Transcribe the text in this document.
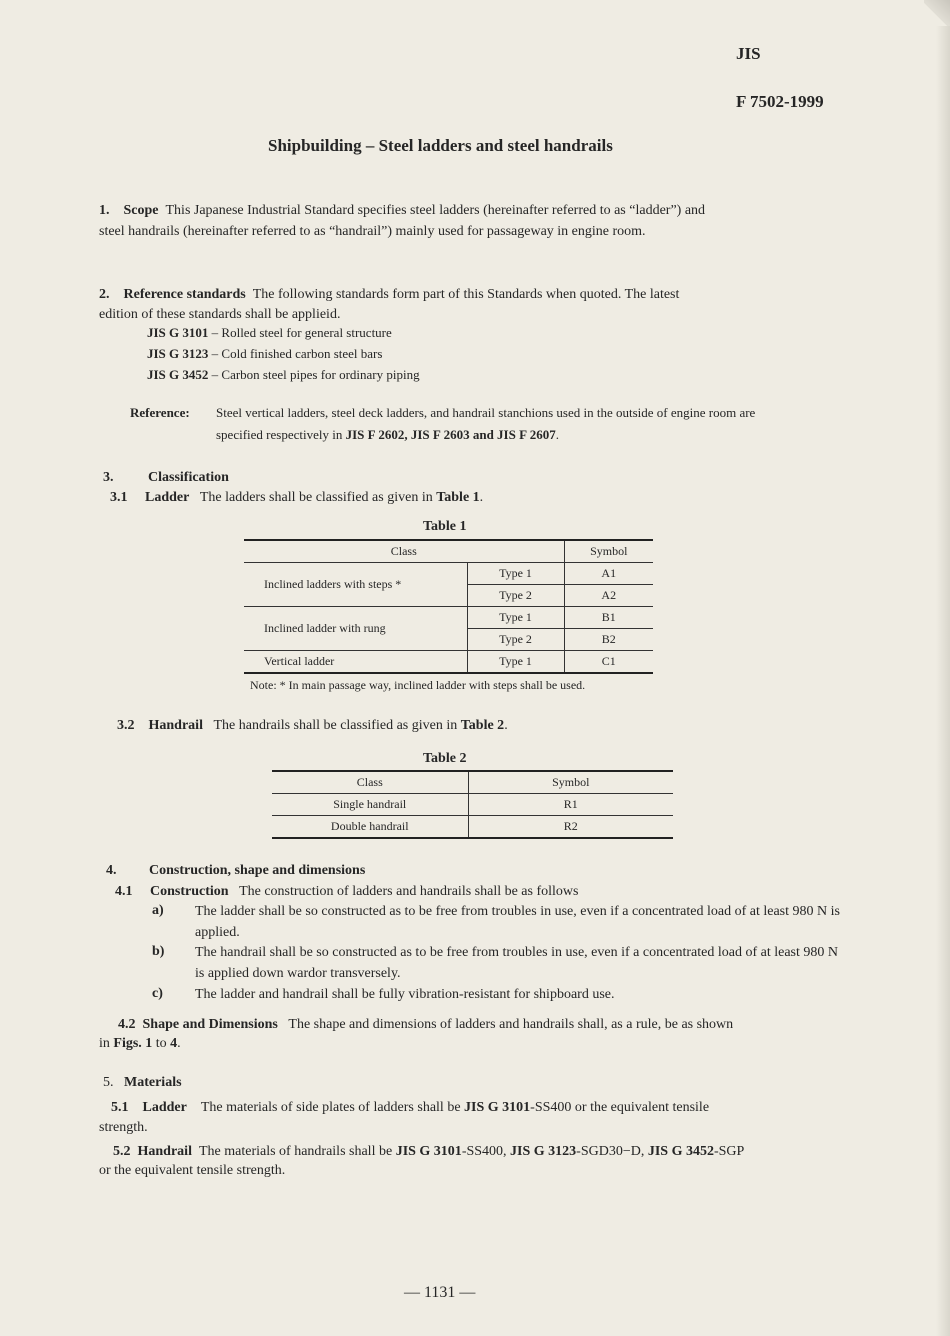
JIS
F 7502-1999
Shipbuilding – Steel ladders and steel handrails
1. Scope This Japanese Industrial Standard specifies steel ladders (hereinafter referred to as “ladder”) and
steel handrails (hereinafter referred to as “handrail”) mainly used for passageway in engine room.
2. Reference standards The following standards form part of this Standards when quoted. The latest
edition of these standards shall be applieid.
JIS G 3101 – Rolled steel for general structure
JIS G 3123 – Cold finished carbon steel bars
JIS G 3452 – Carbon steel pipes for ordinary piping
Reference: Steel vertical ladders, steel deck ladders, and handrail stanchions used in the outside of engine room are
specified respectively in JIS F 2602, JIS F 2603 and JIS F 2607.
3. Classification
3.1 Ladder The ladders shall be classified as given in Table 1.
Table 1
Class		Symbol
Inclined ladders with steps *	Type 1	A1
	Type 2	A2
Inclined ladder with rung	Type 1	B1
	Type 2	B2
Vertical ladder	Type 1	C1
Note: * In main passage way, inclined ladder with steps shall be used.
3.2 Handrail The handrails shall be classified as given in Table 2.
Table 2
Class	Symbol
Single handrail	R1
Double handrail	R2
4. Construction, shape and dimensions
4.1 Construction The construction of ladders and handrails shall be as follows
a) The ladder shall be so constructed as to be free from troubles in use, even if a concentrated load of at least 980 N is applied.
b) The handrail shall be so constructed as to be free from troubles in use, even if a concentrated load of at least 980 N is applied down wardor transversely.
c) The ladder and handrail shall be fully vibration-resistant for shipboard use.
4.2 Shape and Dimensions The shape and dimensions of ladders and handrails shall, as a rule, be as shown
in Figs. 1 to 4.
5. Materials
5.1 Ladder The materials of side plates of ladders shall be JIS G 3101-SS400 or the equivalent tensile
strength.
5.2 Handrail The materials of handrails shall be JIS G 3101-SS400, JIS G 3123-SGD30−D, JIS G 3452-SGP
or the equivalent tensile strength.
— 1131 —
